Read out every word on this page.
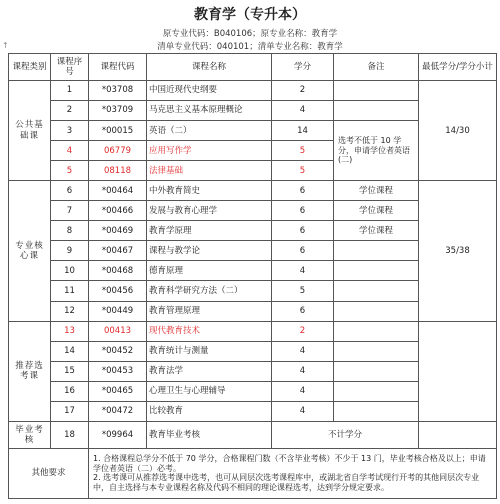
教育学（专升本）
原专业代码：B040106；原专业名称：教育学
清单专业代码：040101；清单专业名称：教育学
↑
课程类别	课程序号	课程代码	课程名称	学分	备注	最低学分/学分小计
公共基础课	1	*03708	中国近现代史纲要	2		14/30
	2	*03709	马克思主义基本原理概论	4		
	3	*00015	英语（二）	14	选考不低于 10 学分，申请学位者英语(二)	
	4	06779	应用写作学	5		
	5	08118	法律基础	5		
专业核心课	6	*00464	中外教育简史	6	学位课程	35/38
	7	*00466	发展与教育心理学	6	学位课程	
	8	*00469	教育学原理	6	学位课程	
	9	*00467	课程与教学论	6		
	10	*00468	德育原理	4		
	11	*00456	教育科学研究方法（二）	5		
	12	*00449	教育管理原理	6		
推荐选考课	13	00413	现代教育技术	2		
	14	*00452	教育统计与测量	4		
	15	*00453	教育法学	4		
	16	*00465	心理卫生与心理辅导	4		
	17	*00472	比较教育	4		
毕业考核	18	*09964	教育毕业考核	不计学分		
其他要求		1. 合格课程总学分不低于 70 学分，合格课程门数（不含毕业考核）不少于 13 门，毕业考核合格及以上；申请学位者英语（二）必考。
2. 选考课可从推荐选考课中选考，也可从同层次选考课程库中，或湖北省自学考试现行开考的其他同层次专业中，自主选择与本专业课程名称及代码不相同的理论课程选考，达到学分规定要求。				
